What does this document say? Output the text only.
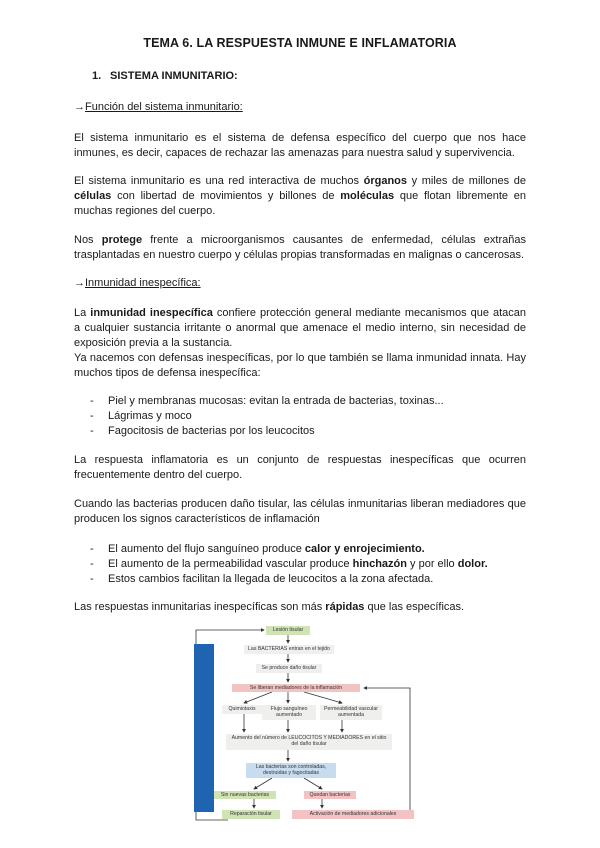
TEMA 6. LA RESPUESTA INMUNE E INFLAMATORIA
1. SISTEMA INMUNITARIO:
→Función del sistema inmunitario:
El sistema inmunitario es el sistema de defensa específico del cuerpo que nos hace inmunes, es decir, capaces de rechazar las amenazas para nuestra salud y supervivencia.
El sistema inmunitario es una red interactiva de muchos órganos y miles de millones de células con libertad de movimientos y billones de moléculas que flotan libremente en muchas regiones del cuerpo.
Nos protege frente a microorganismos causantes de enfermedad, células extrañas trasplantadas en nuestro cuerpo y células propias transformadas en malignas o cancerosas.
→Inmunidad inespecífica:
La inmunidad inespecífica confiere protección general mediante mecanismos que atacan a cualquier sustancia irritante o anormal que amenace el medio interno, sin necesidad de exposición previa a la sustancia.
Ya nacemos con defensas inespecíficas, por lo que también se llama inmunidad innata. Hay muchos tipos de defensa inespecífica:
- Piel y membranas mucosas: evitan la entrada de bacterias, toxinas...
- Lágrimas y moco
- Fagocitosis de bacterias por los leucocitos
La respuesta inflamatoria es un conjunto de respuestas inespecíficas que ocurren frecuentemente dentro del cuerpo.
Cuando las bacterias producen daño tisular, las células inmunitarias liberan mediadores que producen los signos característicos de inflamación
- El aumento del flujo sanguíneo produce calor y enrojecimiento.
- El aumento de la permeabilidad vascular produce hinchazón y por ello dolor.
- Estos cambios facilitan la llegada de leucocitos a la zona afectada.
Las respuestas inmunitarias inespecíficas son más rápidas que las específicas.
Lesión tisular
Las BACTERIAS entran en el tejido
Se produce daño tisular
Se liberan mediadores de la inflamación
Quimiotaxis	Flujo sanguíneo aumentado
Permeabilidad vascular aumentada
Aumento del número de LEUCOCITOS Y MEDIADORES en el sitio del daño tisular
Las bacterias son controladas, destruidas y fagocitadas
Sin nuevas bacterias	Quedan bacterias
Reparación tisular	Activación de mediadores adicionales
